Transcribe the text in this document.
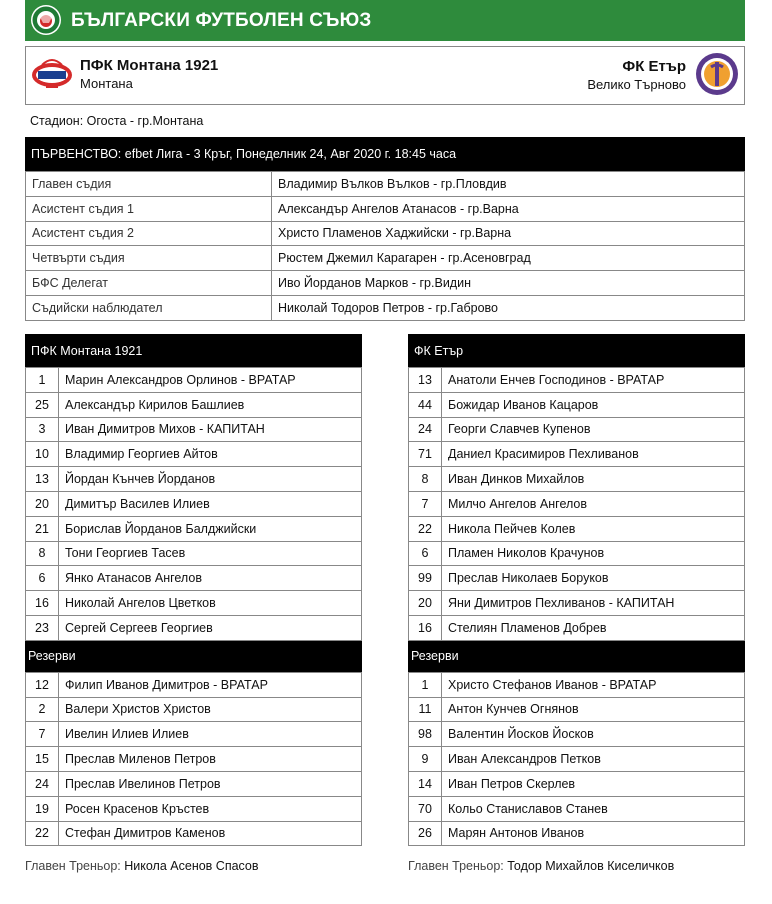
БЪЛГАРСКИ ФУТБОЛЕН СЪЮЗ
ПФК Монтана 1921
Монтана
ФК Етър
Велико Търново
Стадион: Огоста - гр.Монтана
ПЪРВЕНСТВО:
efbet Лига - 3 Кръг, Понеделник 24, Авг 2020 г. 18:45 часа
Главен съдия	Владимир Вълков Вълков - гр.Пловдив
Асистент съдия 1	Александър Ангелов Атанасов - гр.Варна
Асистент съдия 2	Христо Пламенов Хаджийски - гр.Варна
Четвърти съдия	Рюстем Джемил Карагарен - гр.Асеновград
БФС Делегат	Иво Йорданов Марков - гр.Видин
Съдийски наблюдател	Николай Тодоров Петров - гр.Габрово
ПФК Монтана 1921
1	Марин Александров Орлинов - ВРАТАР
25	Александър Кирилов Башлиев
3	Иван Димитров Михов - КАПИТАН
10	Владимир Георгиев Айтов
13	Йордан Кънчев Йорданов
20	Димитър Василев Илиев
21	Борислав Йорданов Балджийски
8	Тони Георгиев Тасев
6	Янко Атанасов Ангелов
16	Николай Ангелов Цветков
23	Сергей Сергеев Георгиев
Резерви
12	Филип Иванов Димитров - ВРАТАР
2	Валери Христов Христов
7	Ивелин Илиев Илиев
15	Преслав Миленов Петров
24	Преслав Ивелинов Петров
19	Росен Красенов Кръстев
22	Стефан Димитров Каменов
ФК Етър
13	Анатоли Енчев Господинов - ВРАТАР
44	Божидар Иванов Кацаров
24	Георги Славчев Купенов
71	Даниел Красимиров Пехливанов
8	Иван Динков Михайлов
7	Милчо Ангелов Ангелов
22	Никола Пейчев Колев
6	Пламен Николов Крачунов
99	Преслав Николаев Боруков
20	Яни Димитров Пехливанов - КАПИТАН
16	Стелиян Пламенов Добрев
Резерви
1	Христо Стефанов Иванов - ВРАТАР
11	Антон Кунчев Огнянов
98	Валентин Йосков Йосков
9	Иван Александров Петков
14	Иван Петров Скерлев
70	Кольо Станиславов Станев
26	Марян Антонов Иванов
Главен Треньор: Никола Асенов Спасов	Главен Треньор: Тодор Михайлов Киселичков
